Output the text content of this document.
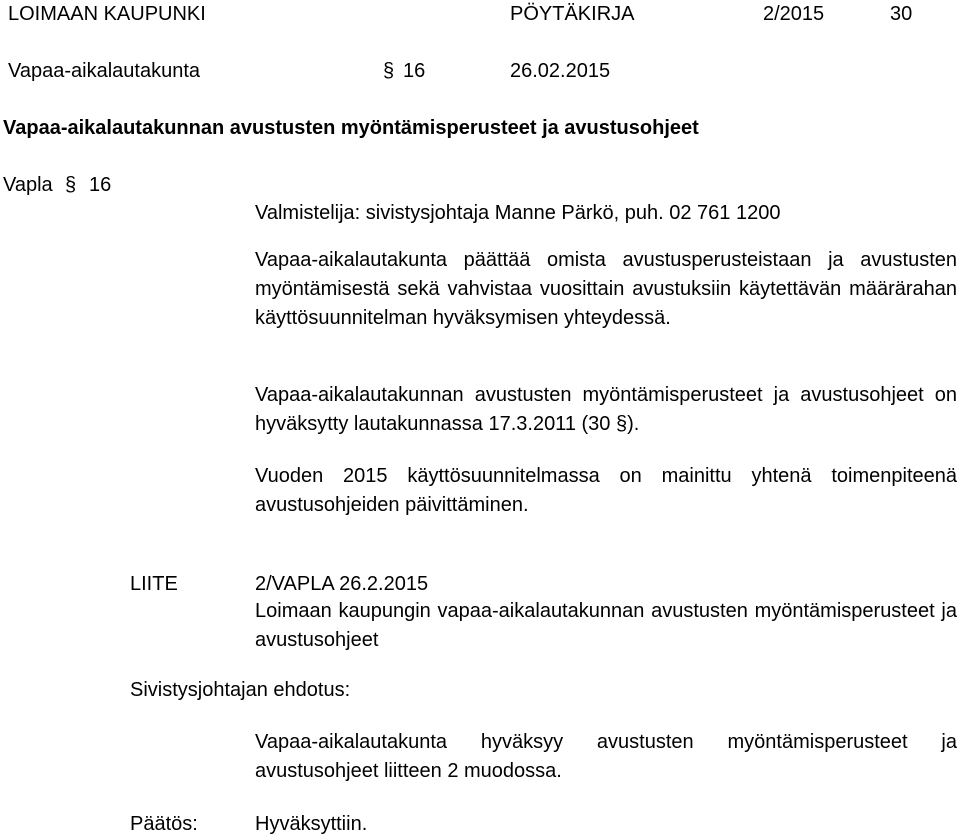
LOIMAAN KAUPUNKI	PÖYTÄKIRJA	2/2015	30
Vapaa-aikalautakunta	§ 16	26.02.2015
Vapaa-aikalautakunnan avustusten myöntämisperusteet ja avustusohjeet
Vapla § 16
Valmistelija: sivistysjohtaja Manne Pärkö, puh. 02 761 1200
Vapaa-aikalautakunta päättää omista avustusperusteistaan ja avustusten myöntämisestä sekä vahvistaa vuosittain avustuksiin käytettävän määrärahan käyttösuunnitelman hyväksymisen yhteydessä.
Vapaa-aikalautakunnan avustusten myöntämisperusteet ja avustusohjeet on hyväksytty lautakunnassa 17.3.2011 (30 §).
Vuoden 2015 käyttösuunnitelmassa on mainittu yhtenä toimenpiteenä avustusohjeiden päivittäminen.
LIITE	2/VAPLA 26.2.2015
Loimaan kaupungin vapaa-aikalautakunnan avustusten myöntämisperusteet ja avustusohjeet
Sivistysjohtajan ehdotus:
Vapaa-aikalautakunta hyväksyy avustusten myöntämisperusteet ja avustusohjeet liitteen 2 muodossa.
Päätös:	Hyväksyttiin.
